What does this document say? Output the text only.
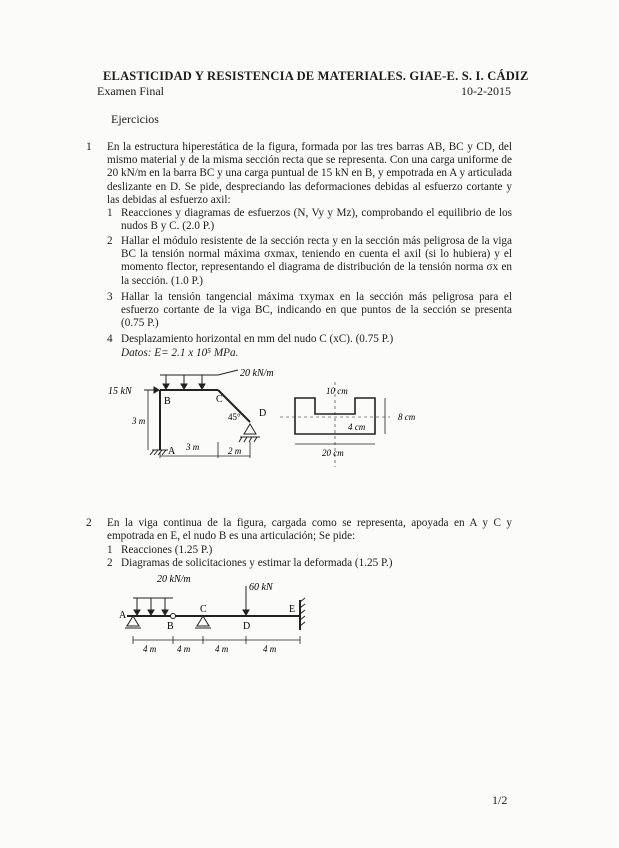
ELASTICIDAD Y RESISTENCIA DE MATERIALES. GIAE-E. S. I. CÁDIZ
Examen Final	10-2-2015
Ejercicios
1 En la estructura hiperestática de la figura, formada por las tres barras AB, BC y CD, del mismo material y de la misma sección recta que se representa. Con una carga uniforme de 20 kN/m en la barra BC y una carga puntual de 15 kN en B, y empotrada en A y articulada deslizante en D. Se pide, despreciando las deformaciones debidas al esfuerzo cortante y las debidas al esfuerzo axil:
1 Reacciones y diagramas de esfuerzos (N, Vy y Mz), comprobando el equilibrio de los nudos B y C. (2.0 P.)
2 Hallar el módulo resistente de la sección recta y en la sección más peligrosa de la viga BC la tensión normal máxima σxmax, teniendo en cuenta el axil (si lo hubiera) y el momento flector, representando el diagrama de distribución de la tensión norma σx en la sección. (1.0 P.)
3 Hallar la tensión tangencial máxima τxymax en la sección más peligrosa para el esfuerzo cortante de la viga BC, indicando en que puntos de la sección se presenta (0.75 P.)
4 Desplazamiento horizontal en mm del nudo C (xC). (0.75 P.)
Datos: E= 2.1 x 10⁵ MPa.
15 kN
20 kN/m
B	C
D
A
45°
3 m
3 m	2 m
10 cm
8 cm
4 cm
20 cm
2 En la viga continua de la figura, cargada como se representa, apoyada en A y C y empotrada en E, el nudo B es una articulación; Se pide:
1 Reacciones (1.25 P.)
2 Diagramas de solicitaciones y estimar la deformada (1.25 P.)
20 kN/m
60 kN
A
B
C
D
E
4 m 4 m	4 m	4 m
1/2
